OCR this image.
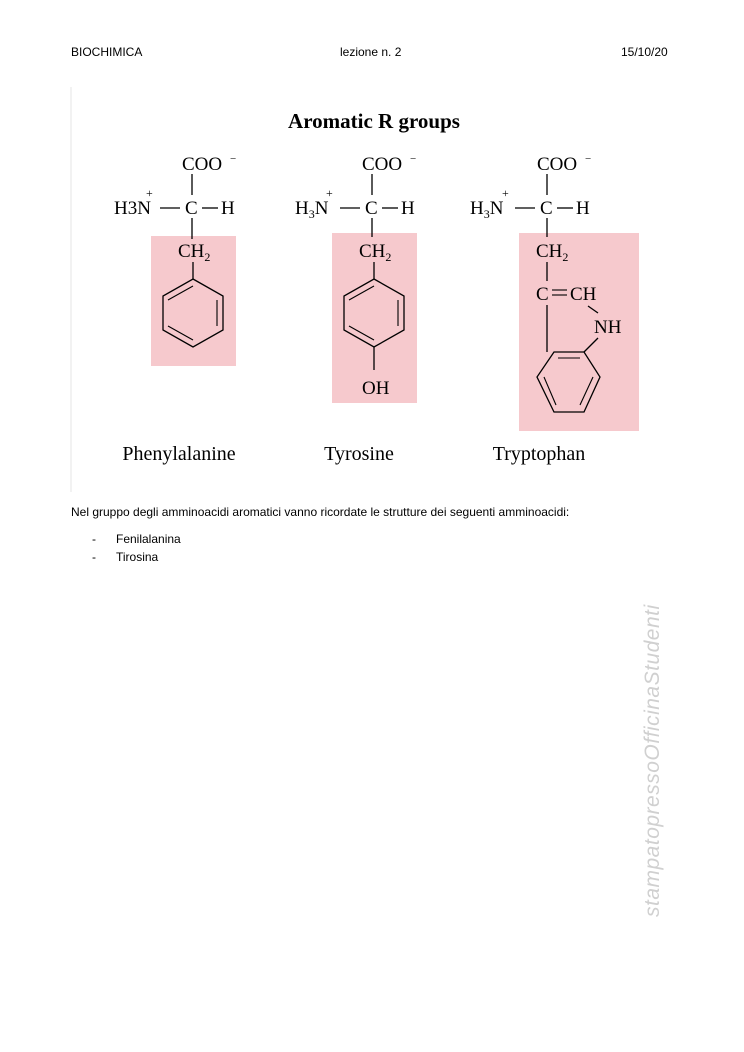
BIOCHIMICA	lezione n. 2	15/10/20
Aromatic R groups
COO −
H3N
+
C H
$CH_2$
COO −
$H_3N$
+
C H
$CH_2$
OH
COO −
$H_3N$
+
C H
$CH_2$
C CH
NH
Phenylalanine	Tyrosine	Tryptophan
Nel gruppo degli amminoacidi aromatici vanno ricordate le strutture dei seguenti amminoacidi:
- Fenilalanina
- Tirosina
stampatopressoOfficinaStudenti
